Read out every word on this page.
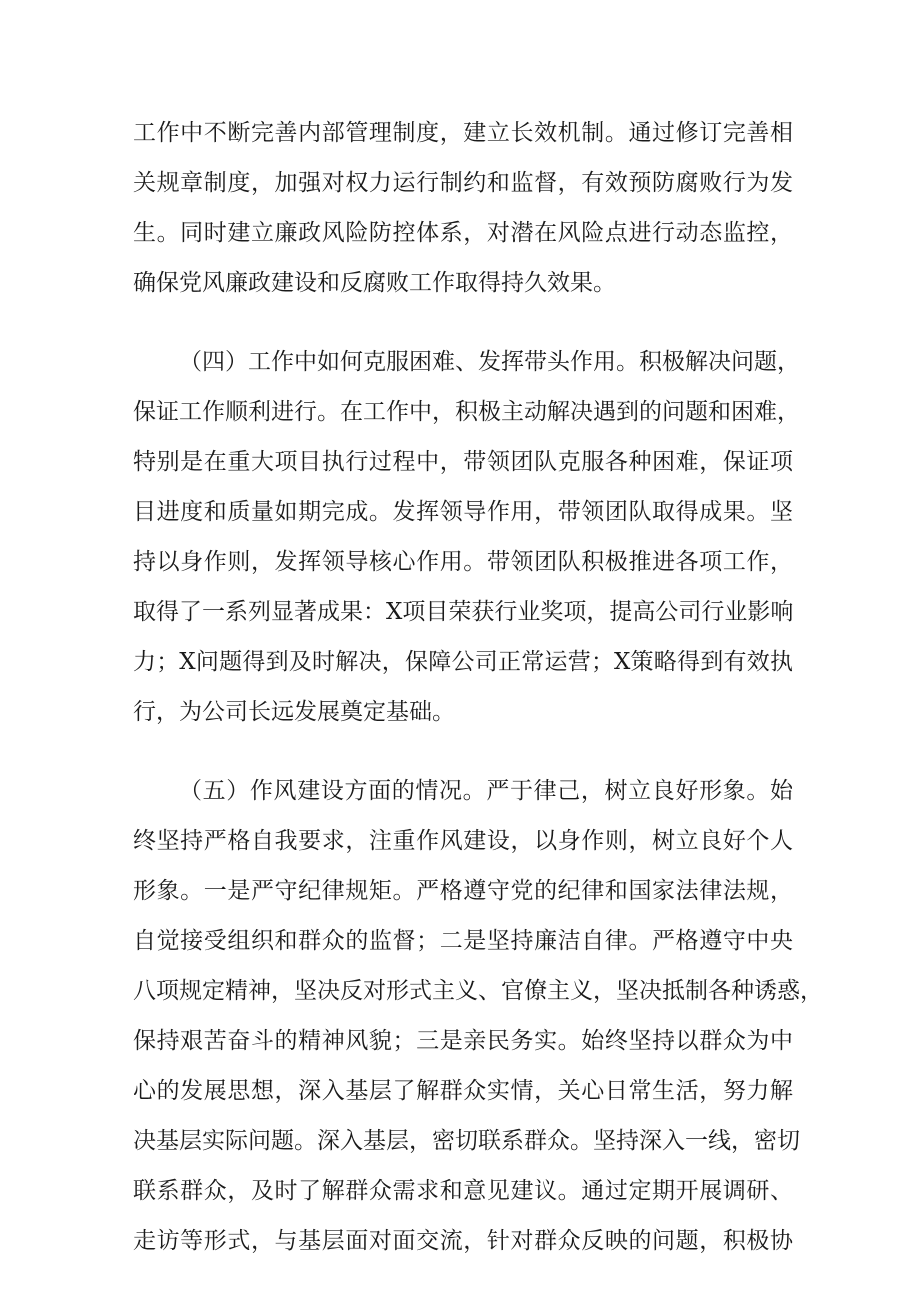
工作中不断完善内部管理制度，建立长效机制。通过修订完善相
关规章制度，加强对权力运行制约和监督，有效预防腐败行为发
生。同时建立廉政风险防控体系，对潜在风险点进行动态监控，
确保党风廉政建设和反腐败工作取得持久效果。
（四）工作中如何克服困难、发挥带头作用。积极解决问题，
保证工作顺利进行。在工作中，积极主动解决遇到的问题和困难，
特别是在重大项目执行过程中，带领团队克服各种困难，保证项
目进度和质量如期完成。发挥领导作用，带领团队取得成果。坚
持以身作则，发挥领导核心作用。带领团队积极推进各项工作，
取得了一系列显著成果：X项目荣获行业奖项，提高公司行业影响
力；X问题得到及时解决，保障公司正常运营；X策略得到有效执
行，为公司长远发展奠定基础。
（五）作风建设方面的情况。严于律己，树立良好形象。始
终坚持严格自我要求，注重作风建设，以身作则，树立良好个人
形象。一是严守纪律规矩。严格遵守党的纪律和国家法律法规，
自觉接受组织和群众的监督；二是坚持廉洁自律。严格遵守中央
八项规定精神，坚决反对形式主义、官僚主义，坚决抵制各种诱惑，
保持艰苦奋斗的精神风貌；三是亲民务实。始终坚持以群众为中
心的发展思想，深入基层了解群众实情，关心日常生活，努力解
决基层实际问题。深入基层，密切联系群众。坚持深入一线，密切
联系群众，及时了解群众需求和意见建议。通过定期开展调研、
走访等形式，与基层面对面交流，针对群众反映的问题，积极协
